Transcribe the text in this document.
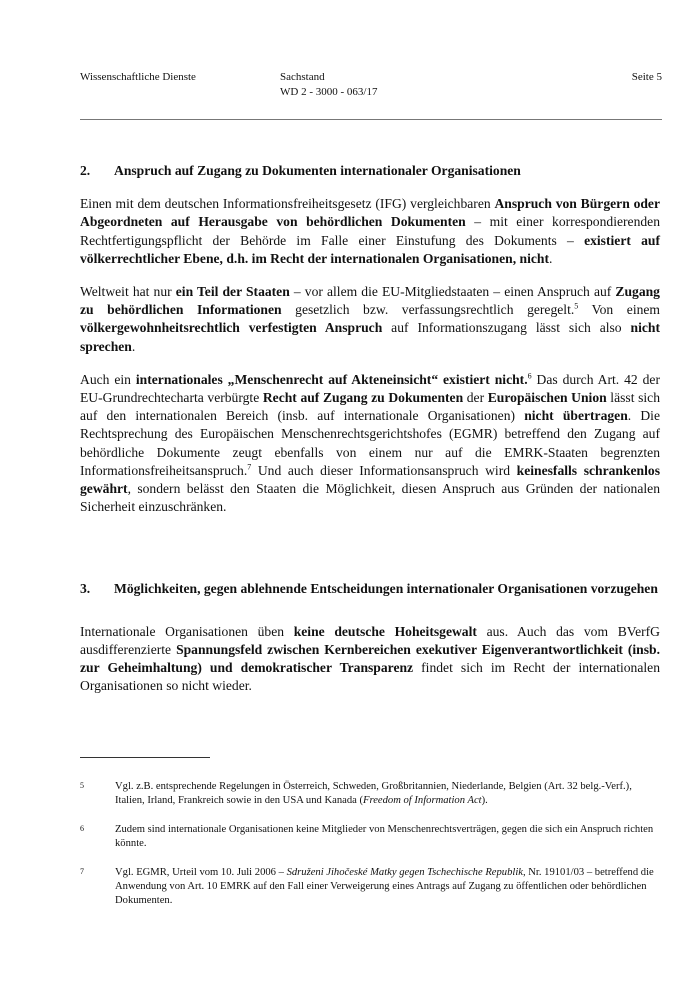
Wissenschaftliche Dienste	Sachstand
WD 2 - 3000 - 063/17
Seite 5
2.	Anspruch auf Zugang zu Dokumenten internationaler Organisationen

Einen mit dem deutschen Informationsfreiheitsgesetz (IFG) vergleichbaren Anspruch von Bürgern oder Abgeordneten auf Herausgabe von behördlichen Dokumenten – mit einer korrespondierenden Rechtfertigungspflicht der Behörde im Falle einer Einstufung des Dokuments – existiert auf völkerrechtlicher Ebene, d.h. im Recht der internationalen Organisationen, nicht.

Weltweit hat nur ein Teil der Staaten – vor allem die EU-Mitgliedstaaten – einen Anspruch auf Zugang zu behördlichen Informationen gesetzlich bzw. verfassungsrechtlich geregelt.$^5$ Von einem völkergewohnheitsrechtlich verfestigten Anspruch auf Informationszugang lässt sich also nicht sprechen.

Auch ein internationales „Menschenrecht auf Akteneinsicht“ existiert nicht.$^6$ Das durch Art. 42 der EU-Grundrechtecharta verbürgte Recht auf Zugang zu Dokumenten der Europäischen Union lässt sich auf den internationalen Bereich (insb. auf internationale Organisationen) nicht übertragen. Die Rechtsprechung des Europäischen Menschenrechtsgerichtshofes (EGMR) betreffend den Zugang auf behördliche Dokumente zeugt ebenfalls von einem nur auf die EMRK-Staaten begrenzten Informationsfreiheitsanspruch.$^7$ Und auch dieser Informationsanspruch wird keinesfalls schrankenlos gewährt, sondern belässt den Staaten die Möglichkeit, diesen Anspruch aus Gründen der nationalen Sicherheit einzuschränken.

3.	Möglichkeiten, gegen ablehnende Entscheidungen internationaler Organisationen vorzugehen

Internationale Organisationen üben keine deutsche Hoheitsgewalt aus. Auch das vom BVerfG ausdifferenzierte Spannungsfeld zwischen Kernbereichen exekutiver Eigenverantwortlichkeit (insb. zur Geheimhaltung) und demokratischer Transparenz findet sich im Recht der internationalen Organisationen so nicht wieder.

5	Vgl. z.B. entsprechende Regelungen in Österreich, Schweden, Großbritannien, Niederlande, Belgien (Art. 32 belg.-Verf.), Italien, Irland, Frankreich sowie in den USA und Kanada (Freedom of Information Act).
6	Zudem sind internationale Organisationen keine Mitglieder von Menschenrechtsverträgen, gegen die sich ein Anspruch richten könnte.
7	Vgl. EGMR, Urteil vom 10. Juli 2006 – Sdruženi Jihočeské Matky gegen Tschechische Republik, Nr. 19101/03 – betreffend die Anwendung von Art. 10 EMRK auf den Fall einer Verweigerung eines Antrags auf Zugang zu öffentlichen oder behördlichen Dokumenten.
